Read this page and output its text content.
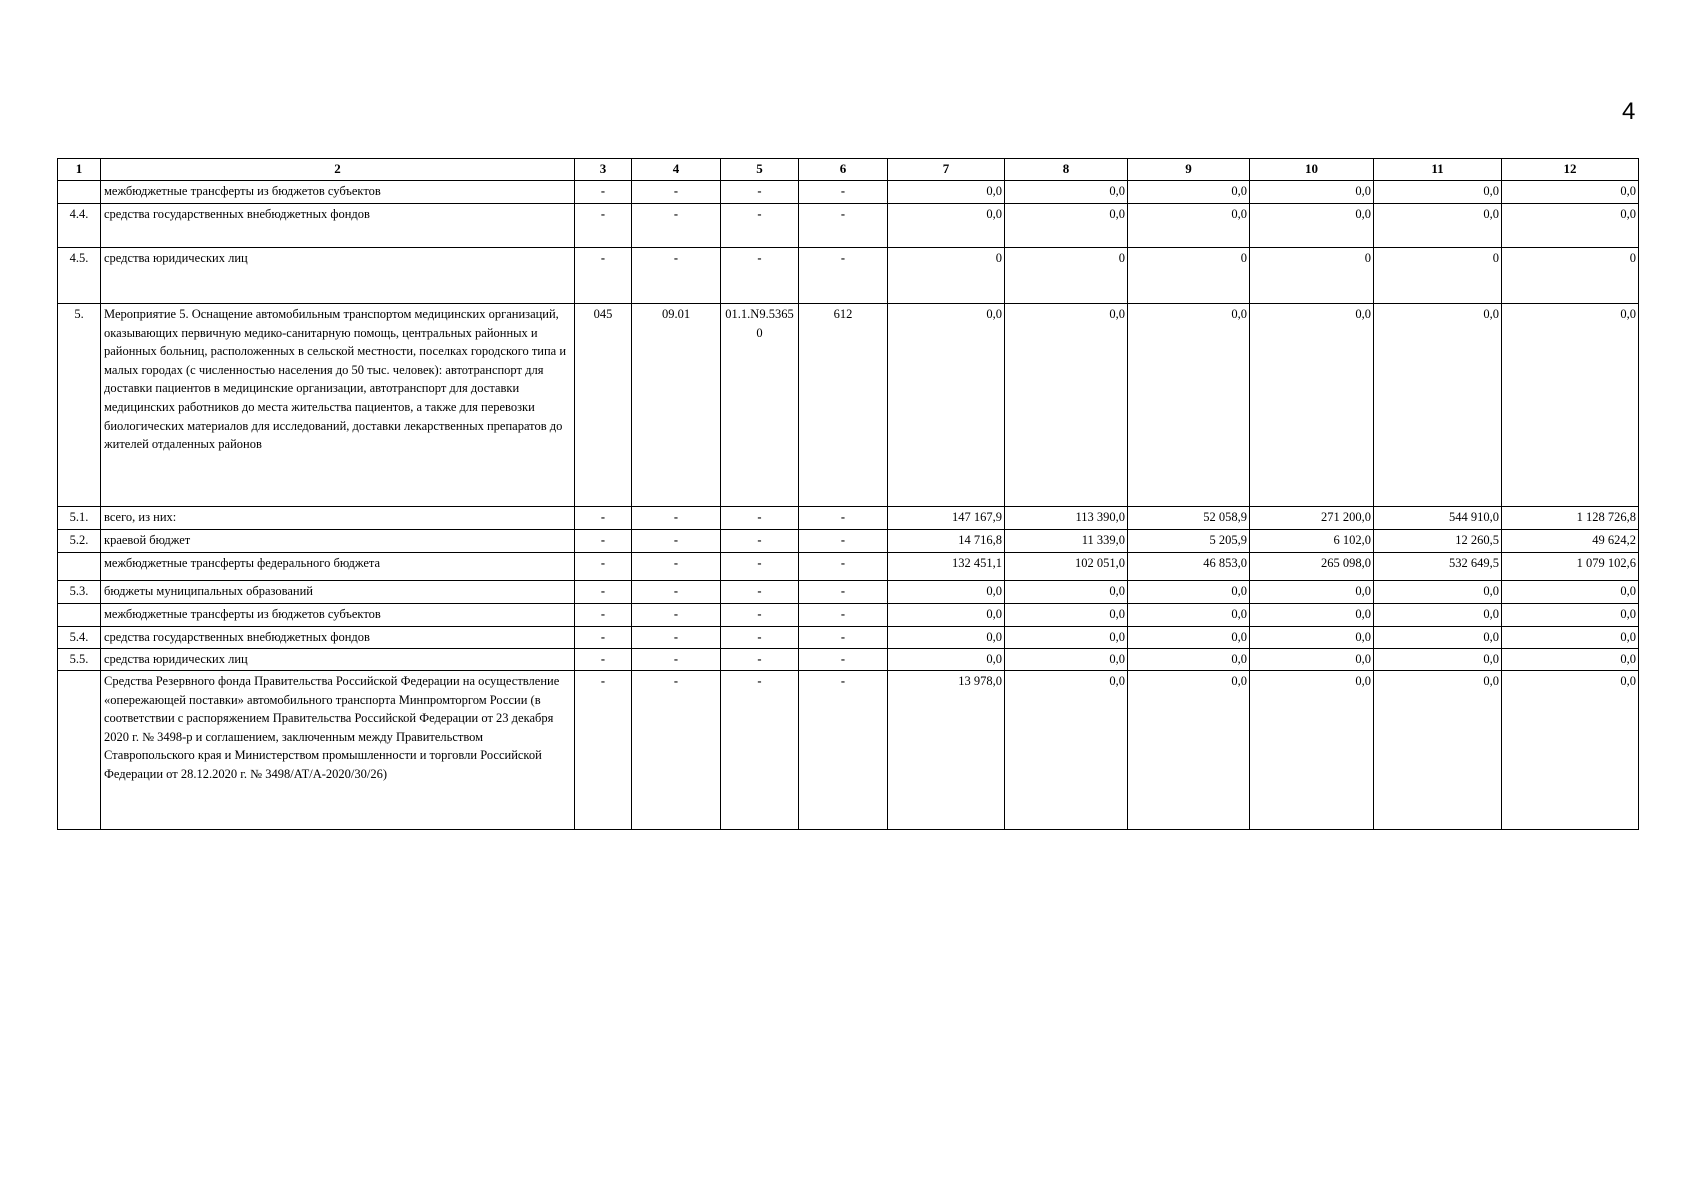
4
1	2	3	4	5	6	7	8	9	10	11	12
	межбюджетные трансферты из бюджетов субъектов	-	-	-	-	0,0	0,0	0,0	0,0	0,0	0,0
4.4.	средства государственных внебюджетных фондов	-	-	-	-	0,0	0,0	0,0	0,0	0,0	0,0
4.5.	средства юридических лиц	-	-	-	-	0	0	0	0	0	0
5.	Мероприятие 5. Оснащение автомобильным транспортом медицинских организаций, оказывающих первичную медико-санитарную помощь, центральных районных и районных больниц, расположенных в сельской местности, поселках городского типа и малых городах (с численностью населения до 50 тыс. человек): автотранспорт для доставки пациентов в медицинские организации, автотранспорт для доставки медицинских работников до места жительства пациентов, а также для перевозки биологических материалов для исследований, доставки лекарственных препаратов до жителей отдаленных районов	045	09.01	01.1.N9.53650	612	0,0	0,0	0,0	0,0	0,0	0,0
5.1.	всего, из них:	-	-	-	-	147 167,9	113 390,0	52 058,9	271 200,0	544 910,0	1 128 726,8
5.2.	краевой бюджет	-	-	-	-	14 716,8	11 339,0	5 205,9	6 102,0	12 260,5	49 624,2
	межбюджетные трансферты федерального бюджета	-	-	-	-	132 451,1	102 051,0	46 853,0	265 098,0	532 649,5	1 079 102,6
5.3.	бюджеты муниципальных образований	-	-	-	-	0,0	0,0	0,0	0,0	0,0	0,0
	межбюджетные трансферты из бюджетов субъектов	-	-	-	-	0,0	0,0	0,0	0,0	0,0	0,0
5.4.	средства государственных внебюджетных фондов	-	-	-	-	0,0	0,0	0,0	0,0	0,0	0,0
5.5.	средства юридических лиц	-	-	-	-	0,0	0,0	0,0	0,0	0,0	0,0
	Средства Резервного фонда Правительства Российской Федерации на осуществление «опережающей поставки» автомобильного транспорта Минпромторгом России (в соответствии с распоряжением Правительства Российской Федерации от 23 декабря 2020 г. № 3498-р и соглашением, заключенным между Правительством Ставропольского края и Министерством промышленности и торговли Российской Федерации от 28.12.2020 г. № 3498/АТ/А-2020/30/26)	-	-	-	-	13 978,0	0,0	0,0	0,0	0,0	0,0
